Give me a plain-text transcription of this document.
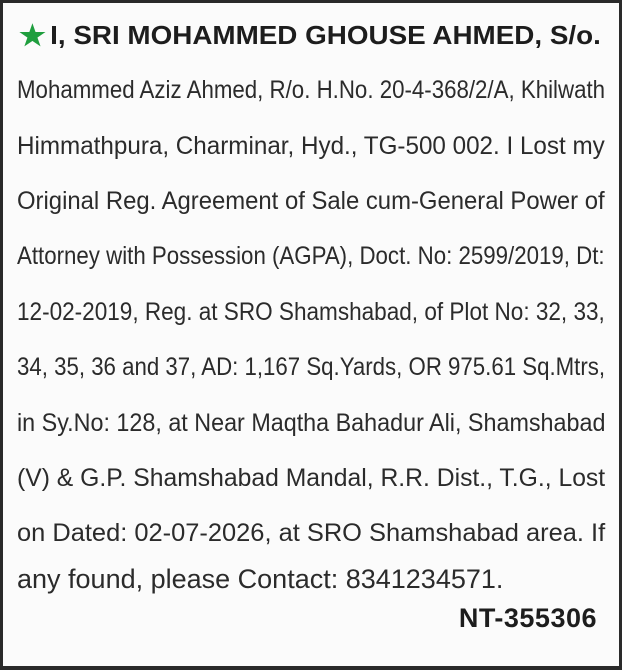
★ I, SRI MOHAMMED GHOUSE AHMED, S/o.
Mohammed Aziz Ahmed, R/o. H.No. 20-4-368/2/A, Khilwath
Himmathpura, Charminar, Hyd., TG-500 002. I Lost my
Original Reg. Agreement of Sale cum-General Power of
Attorney with Possession (AGPA), Doct. No: 2599/2019, Dt:
12-02-2019, Reg. at SRO Shamshabad, of Plot No: 32, 33,
34, 35, 36 and 37, AD: 1,167 Sq.Yards, OR 975.61 Sq.Mtrs,
in Sy.No: 128, at Near Maqtha Bahadur Ali, Shamshabad
(V) & G.P. Shamshabad Mandal, R.R. Dist., T.G., Lost
on Dated: 02-07-2026, at SRO Shamshabad area. If
any found, please Contact: 8341234571.
NT-355306
